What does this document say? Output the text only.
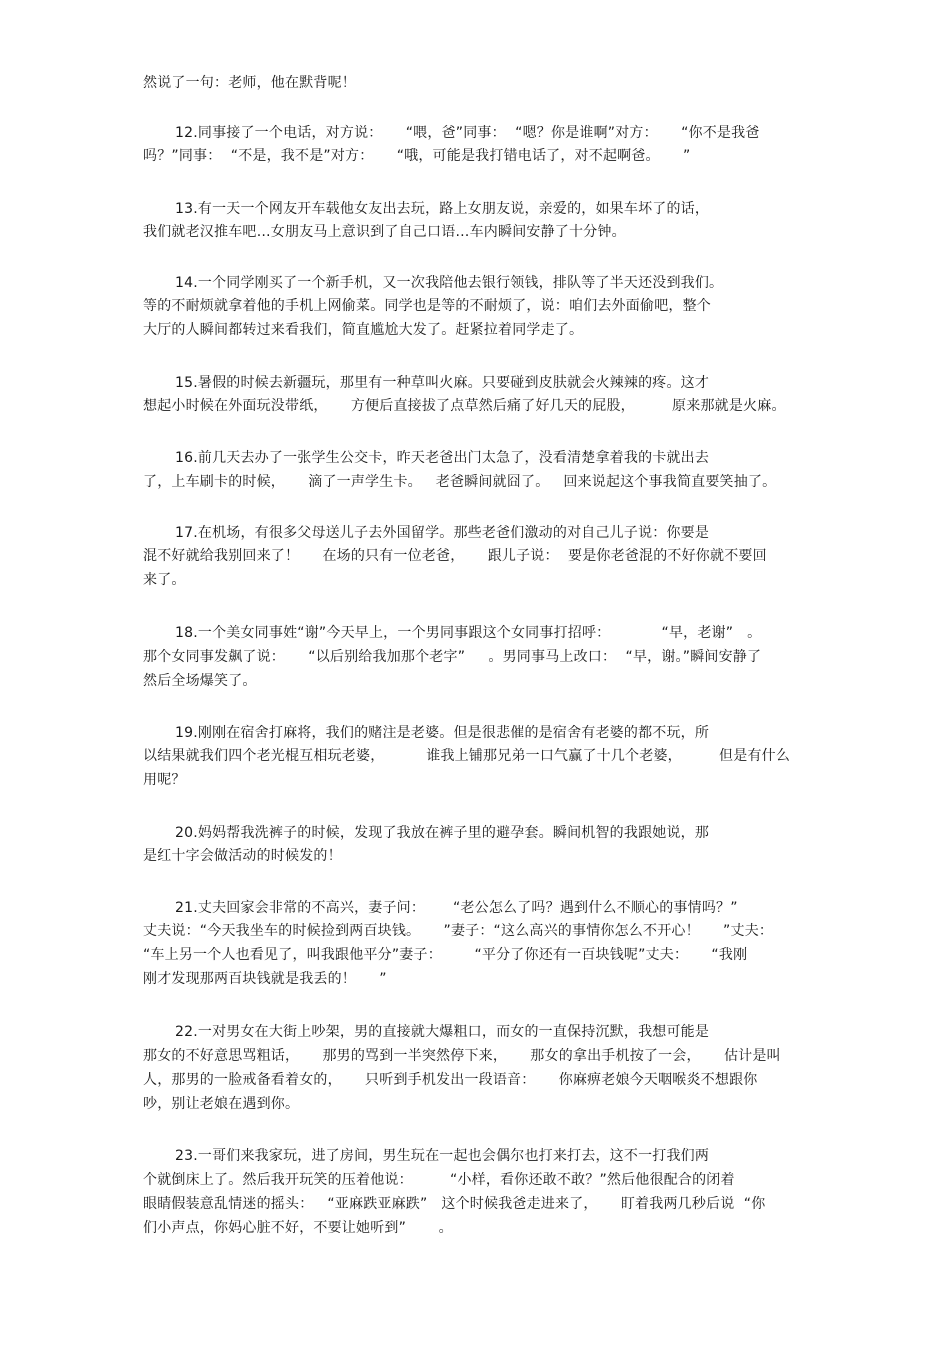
然说了一句：老师，他在默背呢！
12.同事接了一个电话，对方说：     “喂，爸”同事：  “嗯？你是谁啊”对方：     “你不是我爸
吗？”同事：  “不是，我不是”对方：     “哦，可能是我打错电话了，对不起啊爸。     ”
13.有一天一个网友开车载他女友出去玩，路上女朋友说，亲爱的，如果车坏了的话，
我们就老汉推车吧…女朋友马上意识到了自己口语…车内瞬间安静了十分钟。
14.一个同学刚买了一个新手机，又一次我陪他去银行领钱，排队等了半天还没到我们。
等的不耐烦就拿着他的手机上网偷菜。同学也是等的不耐烦了，说：咱们去外面偷吧，整个
大厅的人瞬间都转过来看我们，简直尴尬大发了。赶紧拉着同学走了。
15.暑假的时候去新疆玩，那里有一种草叫火麻。只要碰到皮肤就会火辣辣的疼。这才
想起小时候在外面玩没带纸，     方便后直接拔了点草然后痛了好几天的屁股，        原来那就是火麻。
16.前几天去办了一张学生公交卡，昨天老爸出门太急了，没看清楚拿着我的卡就出去
了，上车刷卡的时候，     滴了一声学生卡。   老爸瞬间就囧了。   回来说起这个事我简直要笑抽了。
17.在机场，有很多父母送儿子去外国留学。那些老爸们激动的对自己儿子说：你要是
混不好就给我别回来了！     在场的只有一位老爸，     跟儿子说：  要是你老爸混的不好你就不要回
来了。
18.一个美女同事姓“谢”今天早上，一个男同事跟这个女同事打招呼：           “早，老谢”   。
那个女同事发飙了说：     “以后别给我加那个老字”     。男同事马上改口：  “早，谢。”瞬间安静了
然后全场爆笑了。
19.刚刚在宿舍打麻将，我们的赌注是老婆。但是很悲催的是宿舍有老婆的都不玩，所
以结果就我们四个老光棍互相玩老婆，         谁我上铺那兄弟一口气赢了十几个老婆，        但是有什么
用呢？
20.妈妈帮我洗裤子的时候，发现了我放在裤子里的避孕套。瞬间机智的我跟她说，那
是红十字会做活动的时候发的！
21.丈夫回家会非常的不高兴，妻子问：      “老公怎么了吗？遇到什么不顺心的事情吗？”
丈夫说：“今天我坐车的时候捡到两百块钱。     ”妻子：“这么高兴的事情你怎么不开心！     ”丈夫：
“车上另一个人也看见了，叫我跟他平分”妻子：       “平分了你还有一百块钱呢”丈夫：     “我刚
刚才发现那两百块钱就是我丢的！     ”
22.一对男女在大街上吵架，男的直接就大爆粗口，而女的一直保持沉默，我想可能是
那女的不好意思骂粗话，     那男的骂到一半突然停下来，     那女的拿出手机按了一会，     估计是叫
人，那男的一脸戒备看着女的，     只听到手机发出一段语音：     你麻痹老娘今天咽喉炎不想跟你
吵，别让老娘在遇到你。
23.一哥们来我家玩，进了房间，男生玩在一起也会偶尔也打来打去，这不一打我们两
个就倒床上了。然后我开玩笑的压着他说：        “小样，看你还敢不敢？”然后他很配合的闭着
眼睛假装意乱情迷的摇头：   “亚麻跌亚麻跌”   这个时候我爸走进来了，     盯着我两几秒后说  “你
们小声点，你妈心脏不好，不要让她听到”       。
